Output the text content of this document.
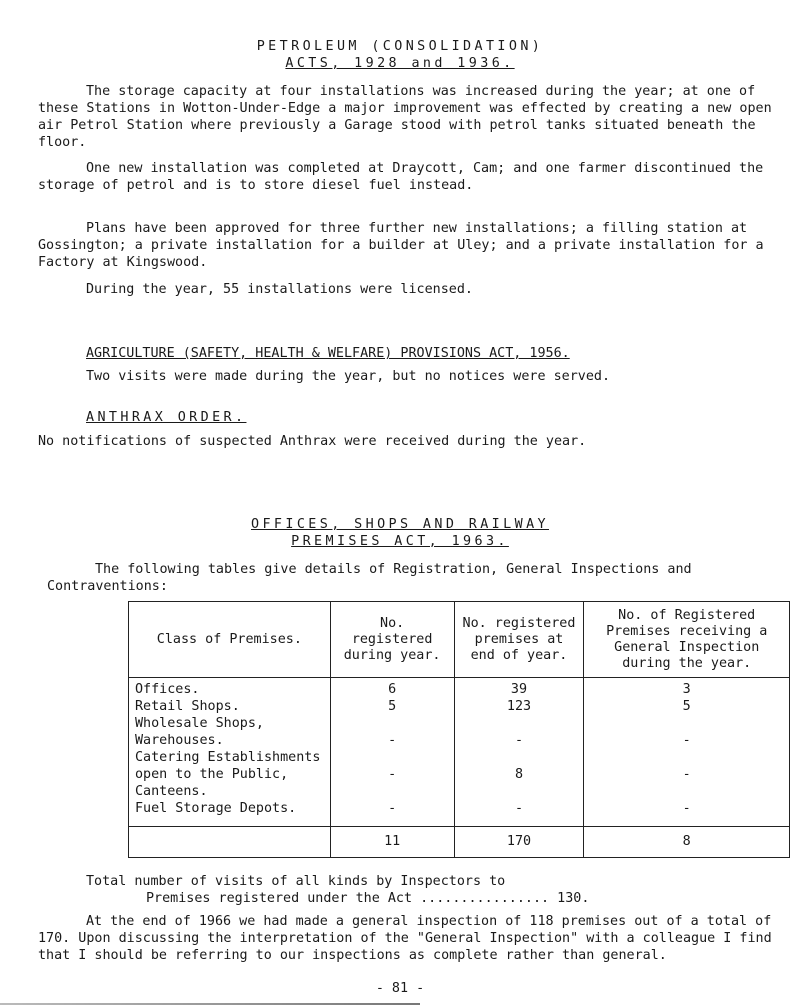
PETROLEUM (CONSOLIDATION)
ACTS, 1928 and 1936.

The storage capacity at four installations was increased during the year; at one of these Stations in Wotton-Under-Edge a major improvement was effected by creating a new open air Petrol Station where previously a Garage stood with petrol tanks situated beneath the floor.

One new installation was completed at Draycott, Cam; and one farmer discontinued the storage of petrol and is to store diesel fuel instead.

Plans have been approved for three further new installations; a filling station at Gossington; a private installation for a builder at Uley; and a private installation for a Factory at Kingswood.

During the year, 55 installations were licensed.

AGRICULTURE (SAFETY, HEALTH & WELFARE) PROVISIONS ACT, 1956.

Two visits were made during the year, but no notices were served.

ANTHRAX ORDER.

No notifications of suspected Anthrax were received during the year.

OFFICES, SHOPS AND RAILWAY
PREMISES ACT, 1963.

The following tables give details of Registration, General Inspections and Contraventions:

Class of Premises.	No. registered during year.	No. registered premises at end of year.	No. of Registered Premises receiving a General Inspection during the year.

Offices.	6	39	3

Retail Shops.	5	123	5

Wholesale Shops,
Warehouses.	-	-	-

Catering Establishments
open to the Public,
Canteens.	-	8	-

Fuel Storage Depots.	-	-	-

	11	170	8
Total number of visits of all kinds by Inspectors to
Premises registered under the Act ................ 130.

At the end of 1966 we had made a general inspection of 118 premises out of a total of 170. Upon discussing the interpretation of the "General Inspection" with a colleague I find that I should be referring to our inspections as complete rather than general.

- 81 -
